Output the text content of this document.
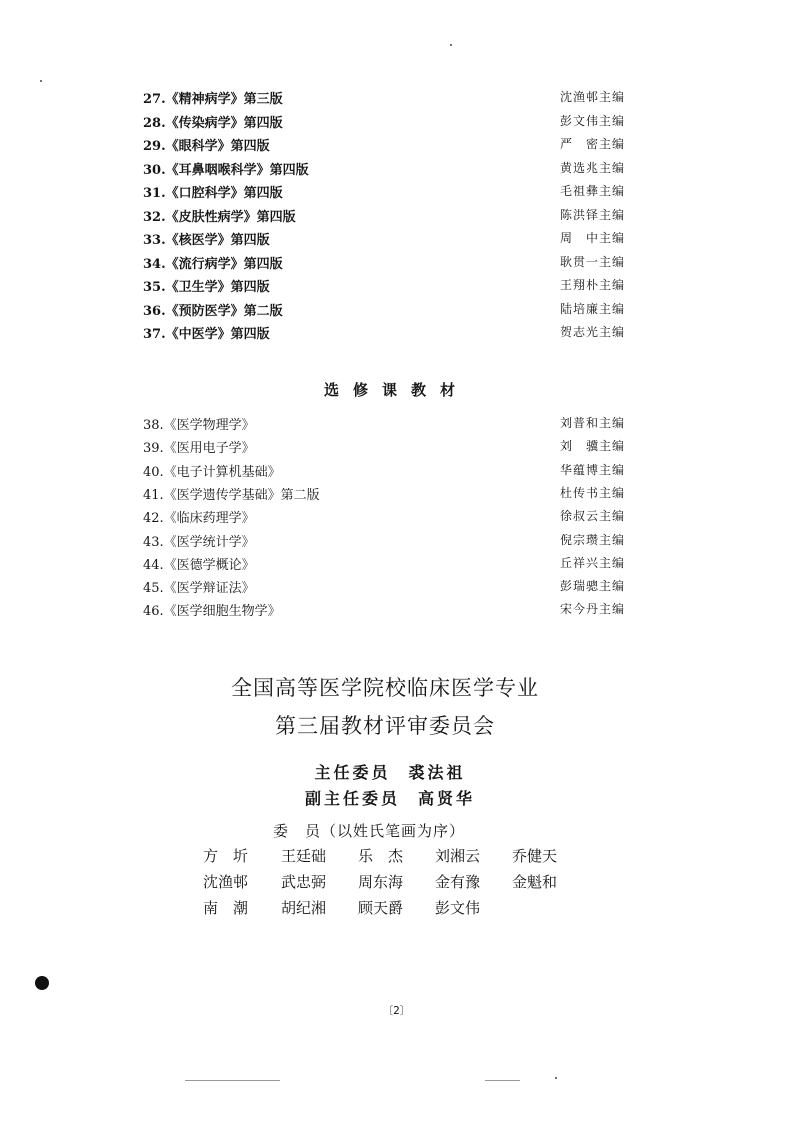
27.《精神病学》第三版	沈渔邨主编
28.《传染病学》第四版	彭文伟主编
29.《眼科学》第四版	严　密主编
30.《耳鼻咽喉科学》第四版	黄选兆主编
31.《口腔科学》第四版	毛祖彝主编
32.《皮肤性病学》第四版	陈洪铎主编
33.《核医学》第四版	周　中主编
34.《流行病学》第四版	耿贯一主编
35.《卫生学》第四版	王翔朴主编
36.《预防医学》第二版	陆培廉主编
37.《中医学》第四版	贺志光主编
选修课教材
38.《医学物理学》	刘普和主编
39.《医用电子学》	刘　骥主编
40.《电子计算机基础》	华蕴博主编
41.《医学遗传学基础》第二版	杜传书主编
42.《临床药理学》	徐叔云主编
43.《医学统计学》	倪宗瓒主编
44.《医德学概论》	丘祥兴主编
45.《医学辩证法》	彭瑞骢主编
46.《医学细胞生物学》	宋今丹主编
全国高等医学院校临床医学专业
第三届教材评审委员会
主任委员 裘法祖
副主任委员 高贤华
委　员（以姓氏笔画为序）
方　圻 王廷础 乐　杰 刘湘云 乔健天
沈渔邨 武忠弼 周东海 金有豫 金魁和
南　潮 胡纪湘 顾天爵 彭文伟
〔2〕
